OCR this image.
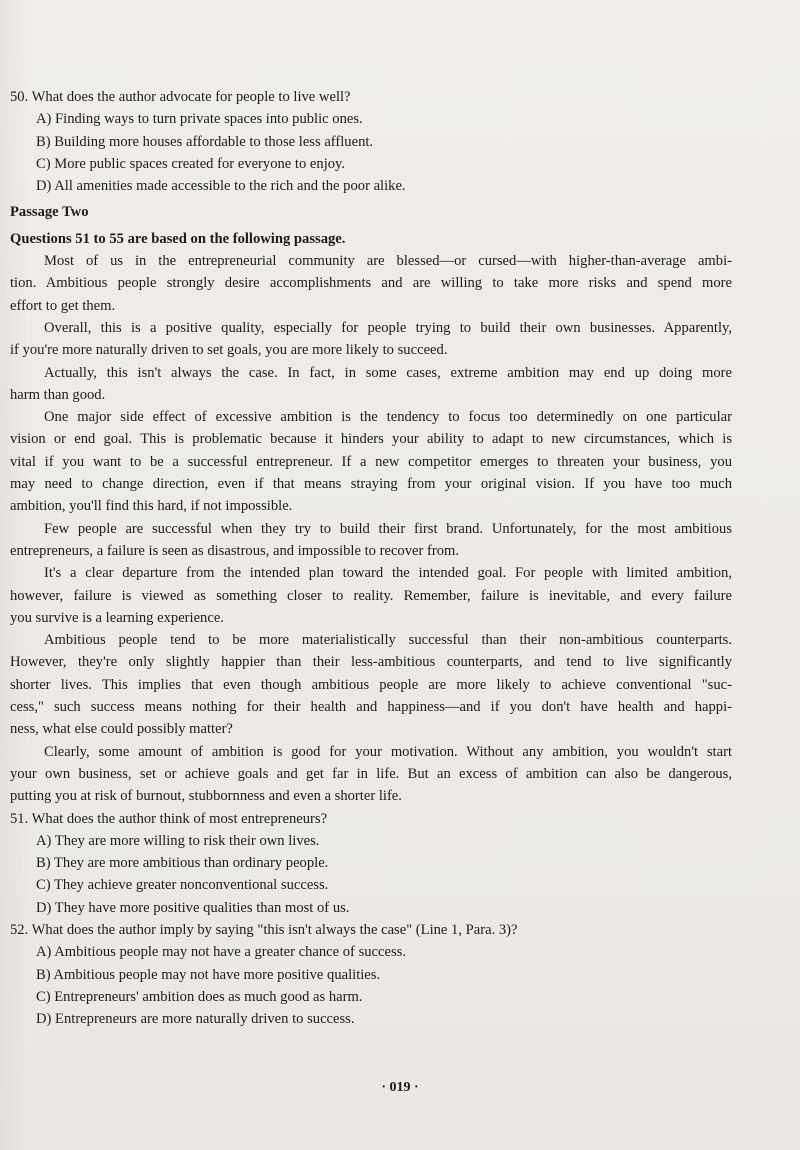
50. What does the author advocate for people to live well?
A) Finding ways to turn private spaces into public ones.
B) Building more houses affordable to those less affluent.
C) More public spaces created for everyone to enjoy.
D) All amenities made accessible to the rich and the poor alike.
Passage Two
Questions 51 to 55 are based on the following passage.
Most of us in the entrepreneurial community are blessed—or cursed—with higher-than-average ambi-
tion. Ambitious people strongly desire accomplishments and are willing to take more risks and spend more
effort to get them.
Overall, this is a positive quality, especially for people trying to build their own businesses. Apparently,
if you're more naturally driven to set goals, you are more likely to succeed.
Actually, this isn't always the case. In fact, in some cases, extreme ambition may end up doing more
harm than good.
One major side effect of excessive ambition is the tendency to focus too determinedly on one particular
vision or end goal. This is problematic because it hinders your ability to adapt to new circumstances, which is
vital if you want to be a successful entrepreneur. If a new competitor emerges to threaten your business, you
may need to change direction, even if that means straying from your original vision. If you have too much
ambition, you'll find this hard, if not impossible.
Few people are successful when they try to build their first brand. Unfortunately, for the most ambitious
entrepreneurs, a failure is seen as disastrous, and impossible to recover from.
It's a clear departure from the intended plan toward the intended goal. For people with limited ambition,
however, failure is viewed as something closer to reality. Remember, failure is inevitable, and every failure
you survive is a learning experience.
Ambitious people tend to be more materialistically successful than their non-ambitious counterparts.
However, they're only slightly happier than their less-ambitious counterparts, and tend to live significantly
shorter lives. This implies that even though ambitious people are more likely to achieve conventional "suc-
cess," such success means nothing for their health and happiness—and if you don't have health and happi-
ness, what else could possibly matter?
Clearly, some amount of ambition is good for your motivation. Without any ambition, you wouldn't start
your own business, set or achieve goals and get far in life. But an excess of ambition can also be dangerous,
putting you at risk of burnout, stubbornness and even a shorter life.
51. What does the author think of most entrepreneurs?
A) They are more willing to risk their own lives.
B) They are more ambitious than ordinary people.
C) They achieve greater nonconventional success.
D) They have more positive qualities than most of us.
52. What does the author imply by saying "this isn't always the case" (Line 1, Para. 3)?
A) Ambitious people may not have a greater chance of success.
B) Ambitious people may not have more positive qualities.
C) Entrepreneurs' ambition does as much good as harm.
D) Entrepreneurs are more naturally driven to success.
· 019 ·
